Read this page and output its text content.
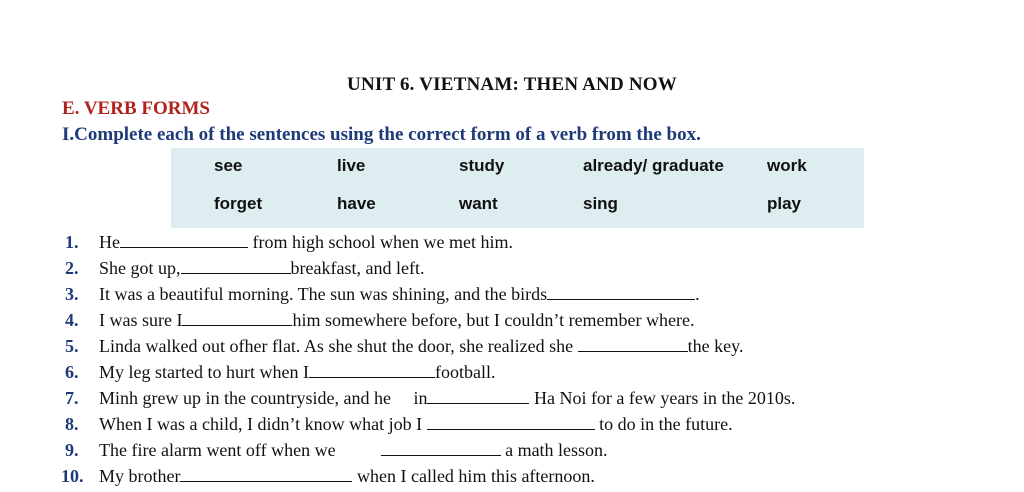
UNIT 6. VIETNAM: THEN AND NOW
E. VERB FORMS
I.Complete each of the sentences using the correct form of a verb from the box.
see	live	study	already/ graduate	work
forget	have	want	sing	play
1. He	from high school when we met him.
2. She got up,	breakfast, and left.
3. It was a beautiful morning. The sun was shining, and the birds	.
4. I was sure I	him somewhere before, but I couldn’t remember where.
5. Linda walked out ofher flat. As she shut the door, she realized she	the key.
6. My leg started to hurt when I	football.
7. Minh grew up in the countryside, and he     in	Ha Noi for a few years in the 2010s.
8. When I was a child, I didn’t know what job I	to do in the future.
9. The fire alarm went off when we	a math lesson.
10. My brother	when I called him this afternoon.
